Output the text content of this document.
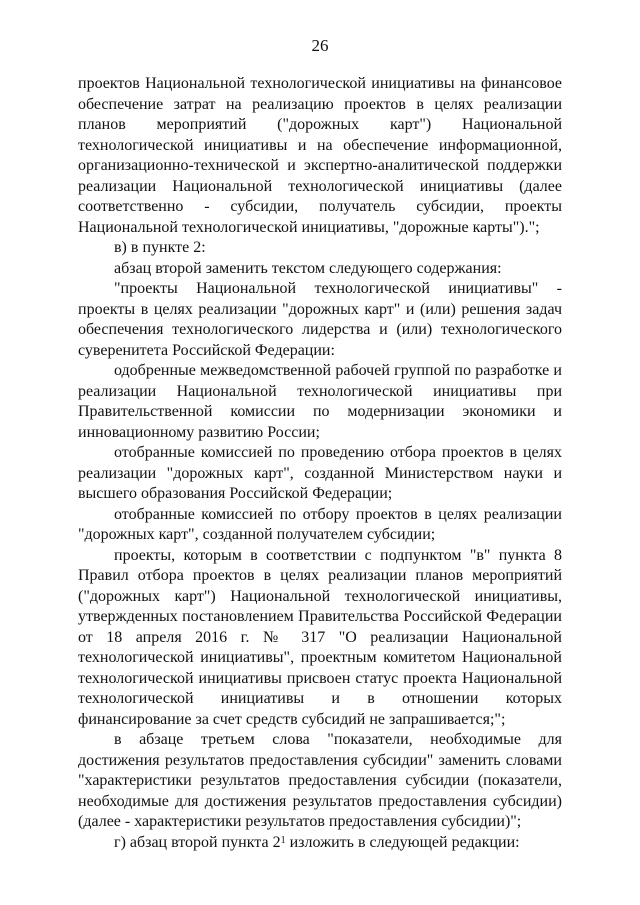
26

проектов Национальной технологической инициативы на финансовое обеспечение затрат на реализацию проектов в целях реализации планов мероприятий ("дорожных карт") Национальной технологической инициативы и на обеспечение информационной, организационно-технической и экспертно-аналитической поддержки реализации Национальной технологической инициативы (далее соответственно - субсидии, получатель субсидии, проекты Национальной технологической инициативы, "дорожные карты").";

в) в пункте 2:

абзац второй заменить текстом следующего содержания:

"проекты Национальной технологической инициативы" - проекты в целях реализации "дорожных карт" и (или) решения задач обеспечения технологического лидерства и (или) технологического суверенитета Российской Федерации:

одобренные межведомственной рабочей группой по разработке и реализации Национальной технологической инициативы при Правительственной комиссии по модернизации экономики и инновационному развитию России;

отобранные комиссией по проведению отбора проектов в целях реализации "дорожных карт", созданной Министерством науки и высшего образования Российской Федерации;

отобранные комиссией по отбору проектов в целях реализации "дорожных карт", созданной получателем субсидии;

проекты, которым в соответствии с подпунктом "в" пункта 8 Правил отбора проектов в целях реализации планов мероприятий ("дорожных карт") Национальной технологической инициативы, утвержденных постановлением Правительства Российской Федерации от 18 апреля 2016 г. № 317 "О реализации Национальной технологической инициативы", проектным комитетом Национальной технологической инициативы присвоен статус проекта Национальной технологической инициативы и в отношении которых финансирование за счет средств субсидий не запрашивается;";

в абзаце третьем слова "показатели, необходимые для достижения результатов предоставления субсидии" заменить словами "характеристики результатов предоставления субсидии (показатели, необходимые для достижения результатов предоставления субсидии) (далее - характеристики результатов предоставления субсидии)";

г) абзац второй пункта $2^1$ изложить в следующей редакции:
